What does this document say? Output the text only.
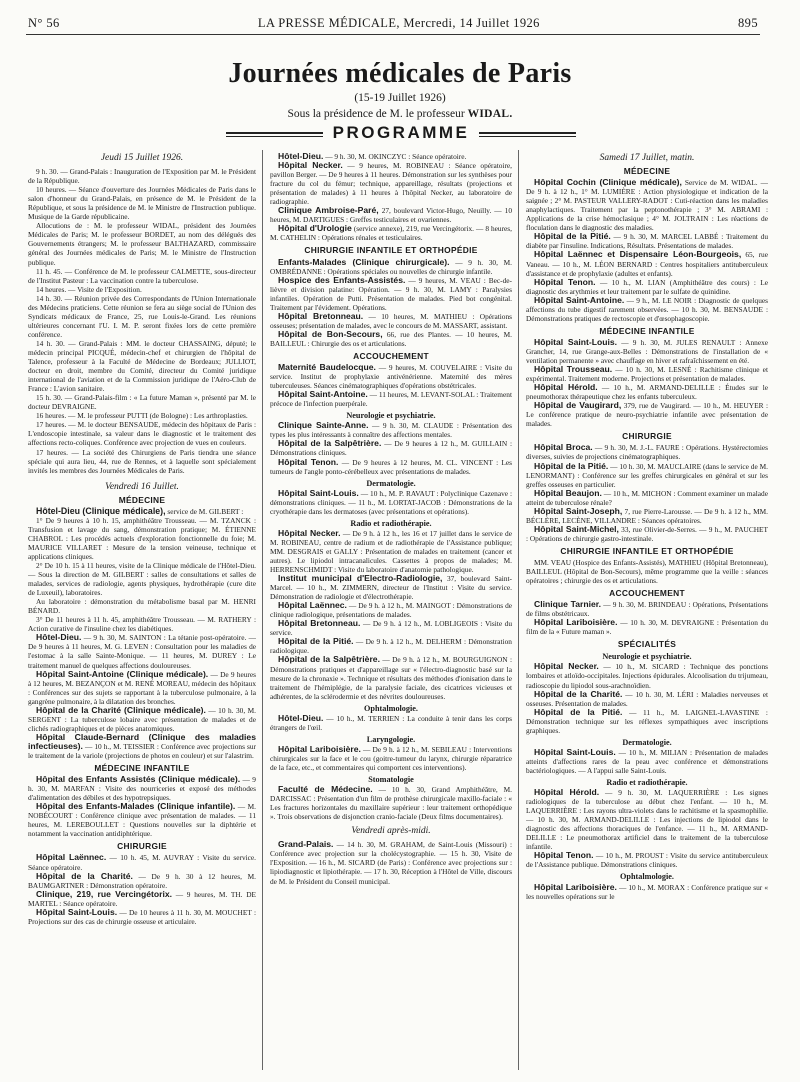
N° 56	LA PRESSE MÉDICALE, Mercredi, 14 Juillet 1926	895
Journées médicales de Paris
(15-19 Juillet 1926)
Sous la présidence de M. le professeur WIDAL.
PROGRAMME
Jeudi 15 Juillet 1926.

9 h. 30. — Grand-Palais : Inauguration de l'Exposition par M. le Président de la République.

10 heures. — Séance d'ouverture des Journées Médicales de Paris dans le salon d'honneur du Grand-Palais, en présence de M. le Président de la République, et sous la présidence de M. le Ministre de l'Instruction publique. Musique de la Garde républicaine.

Allocutions de : M. le professeur WIDAL, président des Journées Médicales de Paris; M. le professeur BORDET, au nom des délégués des Gouvernements étrangers; M. le professeur BALTHAZARD, commissaire général des Journées médicales de Paris; M. le Ministre de l'Instruction publique.

11 h. 45. — Conférence de M. le professeur CALMETTE, sous-directeur de l'Institut Pasteur : La vaccination contre la tuberculose.

14 heures. — Visite de l'Exposition.

14 h. 30. — Réunion privée des Correspondants de l'Union Internationale des Médecins praticiens. Cette réunion se fera au siège social de l'Union des Syndicats médicaux de France, 25, rue Louis-le-Grand. Les réunions ultérieures concernant l'U. I. M. P. seront fixées lors de cette première conférence.

14 h. 30. — Grand-Palais : MM. le docteur CHASSAING, député; le médecin principal PICQUÉ, médecin-chef et chirurgien de l'hôpital de Talence, professeur à la Faculté de Médecine de Bordeaux; JULLIOT, docteur en droit, membre du Comité, directeur du Comité juridique international de l'aviation et de la Commission juridique de l'Aéro-Club de France : L'avion sanitaire.

15 h. 30. — Grand-Palais-film : « La future Maman », présenté par M. le docteur DEVRAIGNE.

16 heures. — M. le professeur PUTTI (de Bologne) : Les arthroplasties.

17 heures. — M. le docteur BENSAUDE, médecin des hôpitaux de Paris : L'endoscopie intestinale, sa valeur dans le diagnostic et le traitement des affections recto-coliques. Conférence avec projection de vues en couleurs.

17 heures. — La société des Chirurgiens de Paris tiendra une séance spéciale qui aura lieu, 44, rue de Rennes, et à laquelle sont spécialement invités les membres des Journées Médicales de Paris.

Vendredi 16 Juillet.
MÉDECINE

Hôtel-Dieu (Clinique médicale), service de M. GILBERT :

1° De 9 heures à 10 h. 15, amphithéâtre Trousseau. — M. TZANCK : Transfusion et lavage du sang, démonstration pratique; M. ÉTIENNE CHABROL : Les procédés actuels d'exploration fonctionnelle du foie; M. MAURICE VILLARET : Mesure de la tension veineuse, technique et applications cliniques.

2° De 10 h. 15 à 11 heures, visite de la Clinique médicale de l'Hôtel-Dieu. — Sous la direction de M. GILBERT : salles de consultations et salles de malades, services de radiologie, agents physiques, hydrothérapie (cure dite de Luxeuil), laboratoires.

Au laboratoire : démonstration du métabolisme basal par M. HENRI BÉNARD.

3° De 11 heures à 11 h. 45, amphithéâtre Trousseau. — M. RATHERY : Action curative de l'insuline chez les diabétiques.

Hôtel-Dieu. — 9 h. 30, M. SAINTON : La tétanie post-opératoire. — De 9 heures à 11 heures, M. G. LEVEN : Consultation pour les maladies de l'estomac à la salle Sainte-Monique. — 11 heures, M. DUREY : Le traitement manuel de quelques affections douloureuses.

Hôpital Saint-Antoine (Clinique médicale). — De 9 heures à 12 heures, M. BEZANÇON et M. RENÉ MOREAU, médecin des hôpitaux : Conférences sur des sujets se rapportant à la tuberculose pulmonaire, à la gangrène pulmonaire, à la dilatation des bronches.

Hôpital de la Charité (Clinique médicale). — 10 h. 30, M. SERGENT : La tuberculose lobaire avec présentation de malades et de clichés radiographiques et de pièces anatomiques.

Hôpital Claude-Bernard (Clinique des maladies infectieuses). — 10 h., M. TEISSIER : Conférence avec projections sur le traitement de la variole (projections de photos en couleur) et sur l'alastrim.

MÉDECINE INFANTILE

Hôpital des Enfants Assistés (Clinique médicale). — 9 h. 30, M. MARFAN : Visite des nourriceries et exposé des méthodes d'alimentation des débiles et des hypotrepsiques.

Hôpital des Enfants-Malades (Clinique infantile). — M. NOBÉCOURT : Conférence clinique avec présentation de malades. — 11 heures, M. LEREBOULLET : Questions nouvelles sur la diphtérie et notamment la vaccination antidiphtérique.

CHIRURGIE

Hôpital Laënnec. — 10 h. 45, M. AUVRAY : Visite du service. Séance opératoire.

Hôpital de la Charité. — De 9 h. 30 à 12 heures, M. BAUMGARTNER : Démonstration opératoire.

Clinique, 219, rue Vercingétorix. — 9 heures, M. TH. DE MARTEL : Séance opératoire.

Hôpital Saint-Louis. — De 10 heures à 11 h. 30, M. MOUCHET : Projections sur des cas de chirurgie osseuse et articulaire.

Hôtel-Dieu. — 9 h. 30, M. OKINCZYC : Séance opératoire.

Hôpital Necker. — 9 heures, M. ROBINEAU : Séance opératoire, pavillon Berger. — De 9 heures à 11 heures. Démonstration sur les synthèses pour fracture du col du fémur; technique, appareillage, résultats (projections et présentation de malades) à 11 heures à l'hôpital Necker, au laboratoire de radiographie.

Clinique Ambroise-Paré, 27, boulevard Victor-Hugo, Neuilly. — 10 heures, M. DARTIGUES : Greffes testiculaires et ovariennes.

Hôpital d'Urologie (service annexe), 219, rue Vercingétorix. — 8 heures, M. CATHELIN : Opérations rénales et testiculaires.

CHIRURGIE INFANTILE ET ORTHOPÉDIE

Enfants-Malades (Clinique chirurgicale). — 9 h. 30, M. OMBRÉDANNE : Opérations spéciales ou nouvelles de chirurgie infantile.

Hospice des Enfants-Assistés. — 9 heures, M. VEAU : Bec-de-lièvre et division palatine: Opération. — 9 h. 30, M. LAMY : Paralysies infantiles. Opération de Putti. Présentation de malades. Pied bot congénital. Traitement par l'évidement. Opérations.

Hôpital Bretonneau. — 10 heures, M. MATHIEU : Opérations osseuses; présentation de malades, avec le concours de M. MASSART, assistant.

Hôpital de Bon-Secours, 66, rue des Plantes. — 10 heures, M. BAILLEUL : Chirurgie des os et articulations.

ACCOUCHEMENT

Maternité Baudelocque. — 9 heures, M. COUVELAIRE : Visite du service. Institut de prophylaxie antivénérienne. Maternité des mères tuberculeuses. Séances cinématographiques d'opérations obstétricales.

Hôpital Saint-Antoine. — 11 heures, M. LEVANT-SOLAL : Traitement précoce de l'infection puerpérale.

Neurologie et psychiatrie.

Clinique Sainte-Anne. — 9 h. 30, M. CLAUDE : Présentation des types les plus intéressants à connaître des affections mentales.

Hôpital de la Salpêtrière. — De 9 heures à 12 h., M. GUILLAIN : Démonstrations cliniques.

Hôpital Tenon. — De 9 heures à 12 heures, M. CL. VINCENT : Les tumeurs de l'angle ponto-cérébelleux avec présentations de malades.

Dermatologie.

Hôpital Saint-Louis. — 10 h., M. P. RAVAUT : Polyclinique Cazenave : démonstrations cliniques. — 11 h., M. LORTAT-JACOB : Démonstrations de la cryothérapie dans les dermatoses (avec présentations et opérations).

Radio et radiothérapie.

Hôpital Necker. — De 9 h. à 12 h., les 16 et 17 juillet dans le service de M. ROBINEAU, centre de radium et de radiothérapie de l'Assistance publique; MM. DESGRAIS et GALLY : Présentation de malades en traitement (cancer et autres). Le lipiodol intracanalicules. Cassettes à propos de malades; M. HERRENSCHMIDT : Visite du laboratoire d'anatomie pathologique.

Institut municipal d'Electro-Radiologie, 37, boulevard Saint-Marcel. — 10 h., M. ZIMMERN, directeur de l'Institut : Visite du service. Démonstration de radiologie et d'électrothérapie.

Hôpital Laënnec. — De 9 h. à 12 h., M. MAINGOT : Démonstrations de clinique radiologique, présentations de malades.

Hôpital Bretonneau. — De 9 h. à 12 h., M. LOBLIGEOIS : Visite du service.

Hôpital de la Pitié. — De 9 h. à 12 h., M. DELHERM : Démonstration radiologique.

Hôpital de la Salpêtrière. — De 9 h. à 12 h., M. BOURGUIGNON : Démonstrations pratiques et d'appareillage sur « l'électro-diagnostic basé sur la mesure de la chronaxie ». Technique et résultats des méthodes d'ionisation dans le traitement de l'hémiplégie, de la paralysie faciale, des cicatrices vicieuses et adhérentes, de la sclérodermie et des névrites douloureuses.

Ophtalmologie.

Hôtel-Dieu. — 10 h., M. TERRIEN : La conduite à tenir dans les corps étrangers de l'œil.

Laryngologie.

Hôpital Lariboisière. — De 9 h. à 12 h., M. SEBILEAU : Interventions chirurgicales sur la face et le cou (goitre-tumeur du larynx, chirurgie réparatrice de la face, etc., et commentaires qui comportent ces interventions).

Stomatologie

Faculté de Médecine. — 10 h. 30, Grand Amphithéâtre, M. DARCISSAC : Présentation d'un film de prothèse chirurgicale maxillo-faciale : « Les fractures horizontales du maxillaire supérieur : leur traitement orthopédique ». Trois observations de disjonction cranio-faciale (Deux films documentaires).

Vendredi après-midi.

Grand-Palais. — 14 h. 30, M. GRAHAM, de Saint-Louis (Missouri) : Conférence avec projection sur la cholécystographie. — 15 h. 30, Visite de l'Exposition. — 16 h., M. SICARD (de Paris) : Conférence avec projections sur : lipiodiagnostic et lipiothérapie. — 17 h. 30, Réception à l'Hôtel de Ville, discours de M. le Président du Conseil municipal.

Samedi 17 Juillet, matin.
MÉDECINE

Hôpital Cochin (Clinique médicale), Service de M. WIDAL. — De 9 h. à 12 h., 1° M. LUMIÈRE : Action physiologique et indication de la saignée ; 2° M. PASTEUR VALLERY-RADOT : Cuti-réaction dans les maladies anaphylactiques. Traitement par la peptonothérapie ; 3° M. ABRAMI : Applications de la crise hémoclasique ; 4° M. JOLTRAIN : Les réactions de floculation dans le diagnostic des maladies.

Hôpital de la Pitié. — 9 h. 30, M. MARCEL LABBÉ : Traitement du diabète par l'insuline. Indications, Résultats. Présentations de malades.

Hôpital Laënnec et Dispensaire Léon-Bourgeois, 65, rue Vaneau. — 10 h., M. LÉON BERNARD : Centres hospitaliers antituberculeux d'assistance et de prophylaxie (adultes et enfants).

Hôpital Tenon. — 10 h., M. LIAN (Amphithéâtre des cours) : Le diagnostic des arythmies et leur traitement par le sulfate de quinidine.

Hôpital Saint-Antoine. — 9 h., M. LE NOIR : Diagnostic de quelques affections du tube digestif rarement observées. — 10 h. 30, M. BENSAUDE : Démonstrations pratiques de rectoscopie et d'œsophagoscopie.

MÉDECINE INFANTILE

Hôpital Saint-Louis. — 9 h. 30, M. JULES RENAULT : Annexe Grancher, 14, rue Grange-aux-Belles : Démonstrations de l'installation de « ventilation permanente » avec chauffage en hiver et rafraîchissement en été.

Hôpital Trousseau. — 10 h. 30, M. LESNÉ : Rachitisme clinique et expérimental. Traitement moderne. Projections et présentation de malades.

Hôpital Hérold. — 10 h., M. ARMAND-DELILLE : Études sur le pneumothorax thérapeutique chez les enfants tuberculeux.

Hôpital de Vaugirard, 379, rue de Vaugirard. — 10 h., M. HEUYER : Le conférence pratique de neuro-psychiatrie infantile avec présentation de malades.

CHIRURGIE

Hôpital Broca. — 9 h. 30, M. J.-L. FAURE : Opérations. Hystérectomies diverses, suivies de projections cinématographiques.

Hôpital de la Pitié. — 10 h. 30, M. MAUCLAIRE (dans le service de M. LENORMANT) : Conférence sur les greffes chirurgicales en général et sur les greffes osseuses en particulier.

Hôpital Beaujon. — 10 h., M. MICHON : Comment examiner un malade atteint de tuberculose rénale?

Hôpital Saint-Joseph, 7, rue Pierre-Larousse. — De 9 h. à 12 h., MM. BÉCLÈRE, LECÈNE, VILLANDRE : Séances opératoires.

Hôpital Saint-Michel, 33, rue Olivier-de-Serres. — 9 h., M. PAUCHET : Opérations de chirurgie gastro-intestinale.

CHIRURGIE INFANTILE ET ORTHOPÉDIE

MM. VEAU (Hospice des Enfants-Assistés), MATHIEU (Hôpital Bretonneau), BAILLEUL (Hôpital de Bon-Secours), même programme que la veille : séances opératoires ; chirurgie des os et articulations.

ACCOUCHEMENT

Clinique Tarnier. — 9 h. 30, M. BRINDEAU : Opérations, Présentations de films obstétricaux.

Hôpital Lariboisière. — 10 h. 30, M. DEVRAIGNE : Présentation du film de la « Future maman ».

SPÉCIALITÉS
Neurologie et psychiatrie.

Hôpital Necker. — 10 h., M. SICARD : Technique des ponctions lombaires et atloïdo-occipitales. Injections épidurales. Alcoolisation du trijumeau, radioscopie du lipiodol sous-arachnoïdien.

Hôpital de la Charité. — 10 h. 30, M. LÉRI : Maladies nerveuses et osseuses. Présentation de malades.

Hôpital de la Pitié. — 11 h., M. LAIGNEL-LAVASTINE : Démonstration technique sur les réflexes sympathiques avec inscriptions graphiques.

Dermatologie.

Hôpital Saint-Louis. — 10 h., M. MILIAN : Présentation de malades atteints d'affections rares de la peau avec conférence et démonstrations bactériologiques. — A l'appui salle Saint-Louis.

Radio et radiothérapie.

Hôpital Hérold. — 9 h. 30, M. LAQUERRIÈRE : Les signes radiologiques de la tuberculose au début chez l'enfant. — 10 h., M. LAQUERRIÈRE : Les rayons ultra-violets dans le rachitisme et la spasmophilie. — 10 h. 30, M. ARMAND-DELILLE : Les injections de lipiodol dans le diagnostic des affections thoraciques de l'enfance. — 11 h., M. ARMAND-DELILLE : Le pneumothorax artificiel dans le traitement de la tuberculose infantile.

Hôpital Tenon. — 10 h., M. PROUST : Visite du service antituberculeux de l'Assistance publique. Démonstrations cliniques.

Ophtalmologie.

Hôpital Lariboisière. — 10 h., M. MORAX : Conférence pratique sur « les nouvelles opérations sur le
